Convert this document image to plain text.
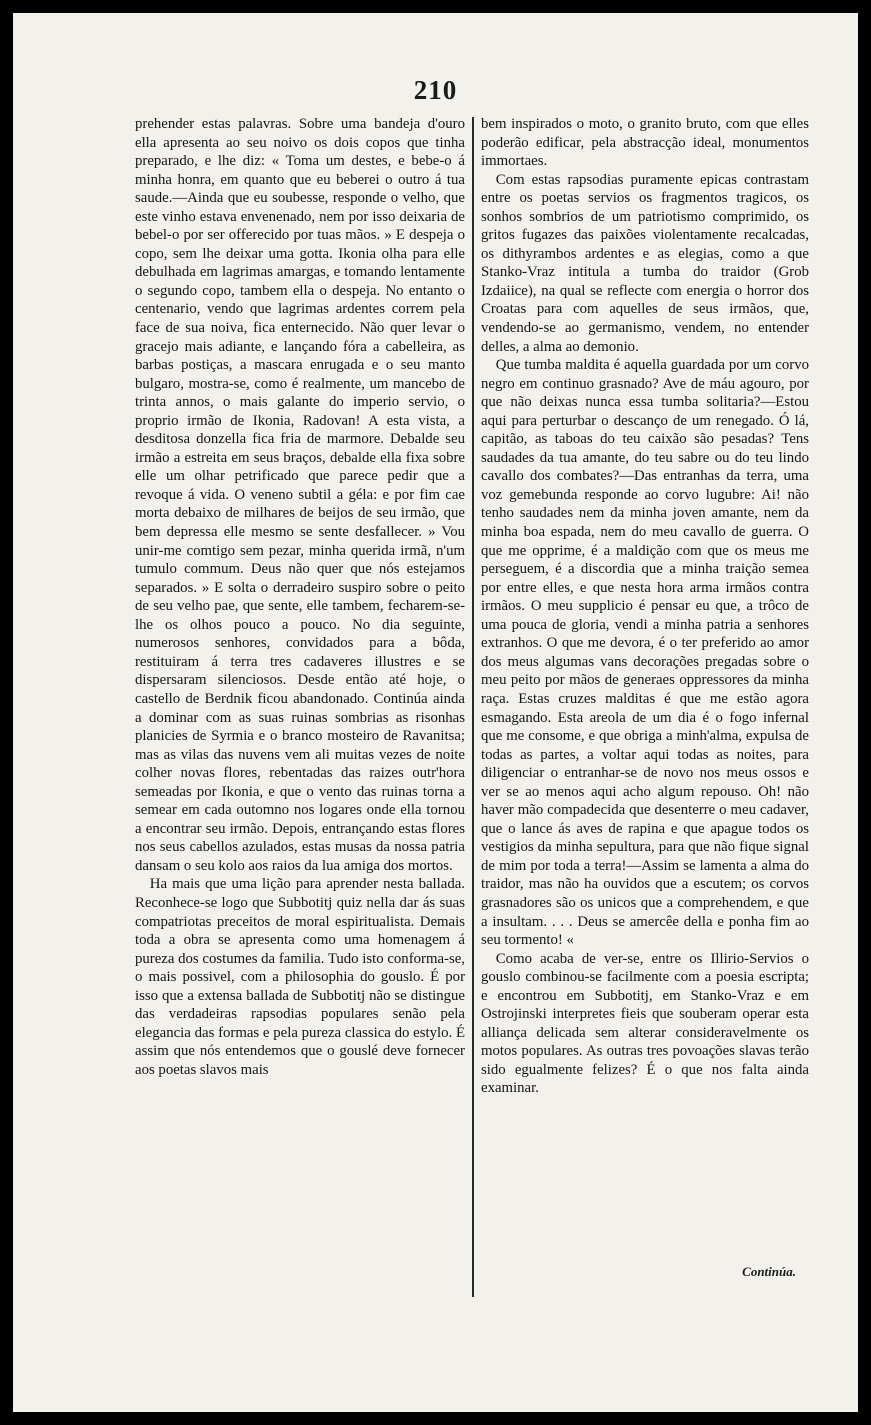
210

prehender estas palavras. Sobre uma bandeja d'ouro ella apresenta ao seu noivo os dois copos que tinha preparado, e lhe diz: « Toma um destes, e bebe-o á minha honra, em quanto que eu beberei o outro á tua saude.—Ainda que eu soubesse, responde o velho, que este vinho estava envenenado, nem por isso deixaria de bebel-o por ser offerecido por tuas mãos. » E despeja o copo, sem lhe deixar uma gotta. Ikonia olha para elle debulhada em lagrimas amargas, e tomando lentamente o segundo copo, tambem ella o despeja. No entanto o centenario, vendo que lagrimas ardentes correm pela face de sua noiva, fica enternecido. Não quer levar o gracejo mais adiante, e lançando fóra a cabelleira, as barbas postiças, a mascara enrugada e o seu manto bulgaro, mostra-se, como é realmente, um mancebo de trinta annos, o mais galante do imperio servio, o proprio irmão de Ikonia, Radovan! A esta vista, a desditosa donzella fica fria de marmore. Debalde seu irmão a estreita em seus braços, debalde ella fixa sobre elle um olhar petrificado que parece pedir que a revoque á vida. O veneno subtil a géla: e por fim cae morta debaixo de milhares de beijos de seu irmão, que bem depressa elle mesmo se sente desfallecer. » Vou unir-me comtigo sem pezar, minha querida irmã, n'um tumulo commum. Deus não quer que nós estejamos separados. » E solta o derradeiro suspiro sobre o peito de seu velho pae, que sente, elle tambem, fecharem-se-lhe os olhos pouco a pouco. No dia seguinte, numerosos senhores, convidados para a bôda, restituiram á terra tres cadaveres illustres e se dispersaram silenciosos. Desde então até hoje, o castello de Berdnik ficou abandonado. Continúa ainda a dominar com as suas ruinas sombrias as risonhas planicies de Syrmia e o branco mosteiro de Ravanitsa; mas as vilas das nuvens vem ali muitas vezes de noite colher novas flores, rebentadas das raizes outr'hora semeadas por Ikonia, e que o vento das ruinas torna a semear em cada outomno nos logares onde ella tornou a encontrar seu irmão. Depois, entrançando estas flores nos seus cabellos azulados, estas musas da nossa patria dansam o seu kolo aos raios da lua amiga dos mortos.

Ha mais que uma lição para aprender nesta ballada. Reconhece-se logo que Subbotitj quiz nella dar ás suas compatriotas preceitos de moral espiritualista. Demais toda a obra se apresenta como uma homenagem á pureza dos costumes da familia. Tudo isto conforma-se, o mais possivel, com a philosophia do gouslo. É por isso que a extensa ballada de Subbotitj não se distingue das verdadeiras rapsodias populares senão pela elegancia das formas e pela pureza classica do estylo. É assim que nós entendemos que o gouslé deve fornecer aos poetas slavos mais

bem inspirados o moto, o granito bruto, com que elles poderão edificar, pela abstracção ideal, monumentos immortaes.

Com estas rapsodias puramente epicas contrastam entre os poetas servios os fragmentos tragicos, os sonhos sombrios de um patriotismo comprimido, os gritos fugazes das paixões violentamente recalcadas, os dithyrambos ardentes e as elegias, como a que Stanko-Vraz intitula a tumba do traidor (Grob Izdaiice), na qual se reflecte com energia o horror dos Croatas para com aquelles de seus irmãos, que, vendendo-se ao germanismo, vendem, no entender delles, a alma ao demonio.

Que tumba maldita é aquella guardada por um corvo negro em continuo grasnado? Ave de máu agouro, por que não deixas nunca essa tumba solitaria?—Estou aqui para perturbar o descanço de um renegado. Ó lá, capitão, as taboas do teu caixão são pesadas? Tens saudades da tua amante, do teu sabre ou do teu lindo cavallo dos combates?—Das entranhas da terra, uma voz gemebunda responde ao corvo lugubre: Ai! não tenho saudades nem da minha joven amante, nem da minha boa espada, nem do meu cavallo de guerra. O que me opprime, é a maldição com que os meus me perseguem, é a discordia que a minha traição semea por entre elles, e que nesta hora arma irmãos contra irmãos. O meu supplicio é pensar eu que, a trôco de uma pouca de gloria, vendi a minha patria a senhores extranhos. O que me devora, é o ter preferido ao amor dos meus algumas vans decorações pregadas sobre o meu peito por mãos de generaes oppressores da minha raça. Estas cruzes malditas é que me estão agora esmagando. Esta areola de um dia é o fogo infernal que me consome, e que obriga a minh'alma, expulsa de todas as partes, a voltar aqui todas as noites, para diligenciar o entranhar-se de novo nos meus ossos e ver se ao menos aqui acho algum repouso. Oh! não haver mão compadecida que desenterre o meu cadaver, que o lance ás aves de rapina e que apague todos os vestigios da minha sepultura, para que não fique signal de mim por toda a terra!—Assim se lamenta a alma do traidor, mas não ha ouvidos que a escutem; os corvos grasnadores são os unicos que a comprehendem, e que a insultam. . . . Deus se amercêe della e ponha fim ao seu tormento! «

Como acaba de ver-se, entre os Illirio-Servios o gouslo combinou-se facilmente com a poesia escripta; e encontrou em Subbotitj, em Stanko-Vraz e em Ostrojinski interpretes fieis que souberam operar esta alliança delicada sem alterar consideravelmente os motos populares. As outras tres povoações slavas terão sido egualmente felizes? É o que nos falta ainda examinar.

Continúa.
